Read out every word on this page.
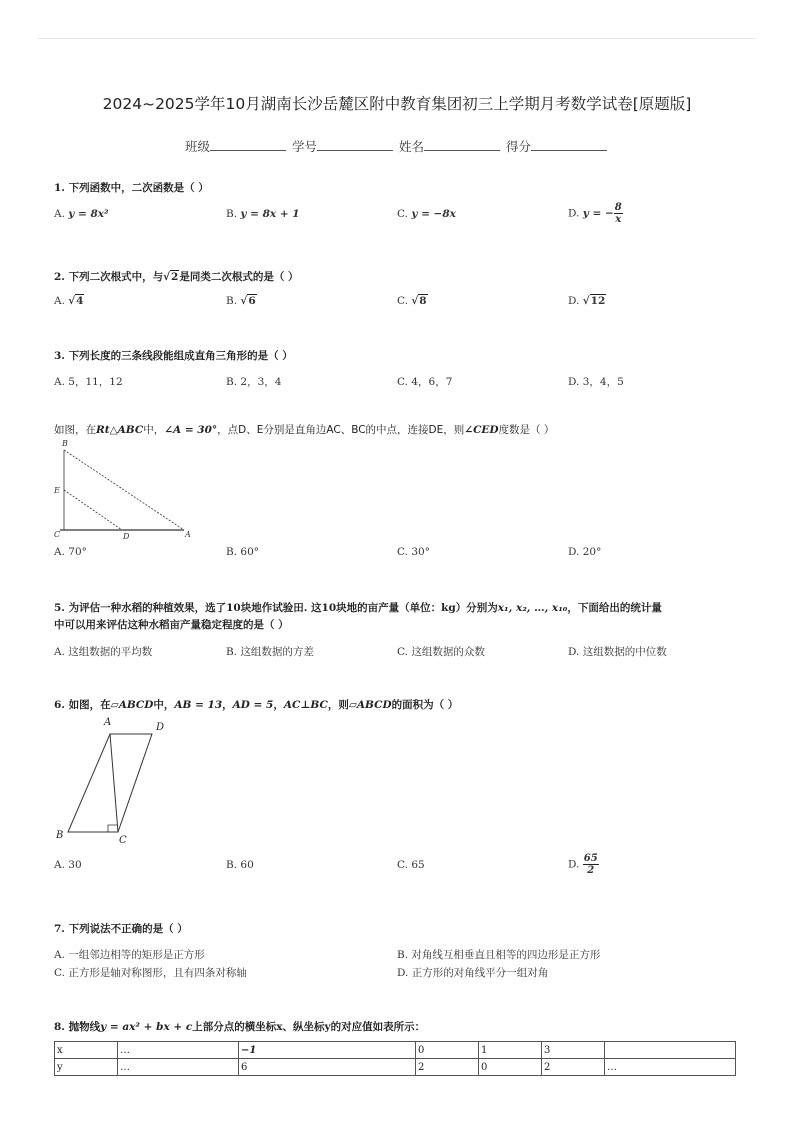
2024~2025学年10月湖南长沙岳麓区附中教育集团初三上学期月考数学试卷[原题版]
班级	学号	姓名	得分
1. 下列函数中，二次函数是（ ）
A. y = 8x²	B. y = 8x + 1	C. y = −8x	D. y = − $\frac{8}{x}$
2. 下列二次根式中，与√2是同类二次根式的是（ ）
A. √4	B. √6	C. √8	D. √12
3. 下列长度的三条线段能组成直角三角形的是（ ）
A. 5，11，12	B. 2，3，4	C. 4，6，7	D. 3，4，5
如图，在Rt△ABC中，∠A = 30°，点D、E分别是直角边AC、BC的中点，连接DE，则∠CED度数是（ ）
B
E
C	D	A
A. 70°	B. 60°	C. 30°	D. 20°
5. 为评估一种水稻的种植效果，选了10块地作试验田. 这10块地的亩产量（单位：kg）分别为x₁, x₂, …, x₁₀，下面给出的统计量
中可以用来评估这种水稻亩产量稳定程度的是（ ）
A. 这组数据的平均数	B. 这组数据的方差	C. 这组数据的众数	D. 这组数据的中位数
6. 如图，在▱ABCD中，AB = 13，AD = 5，AC⊥BC，则▱ABCD的面积为（ ）
A	D
B	C
A. 30	B. 60	C. 65	D. $\frac{65}{2}$
7. 下列说法不正确的是（ ）
A. 一组邻边相等的矩形是正方形	B. 对角线互相垂直且相等的四边形是正方形
C. 正方形是轴对称图形，且有四条对称轴	D. 正方形的对角线平分一组对角
8. 抛物线y = ax² + bx + c上部分点的横坐标x、纵坐标y的对应值如表所示：
x	…	−1	0	1	3	
y	…	6	2	0	2	…
